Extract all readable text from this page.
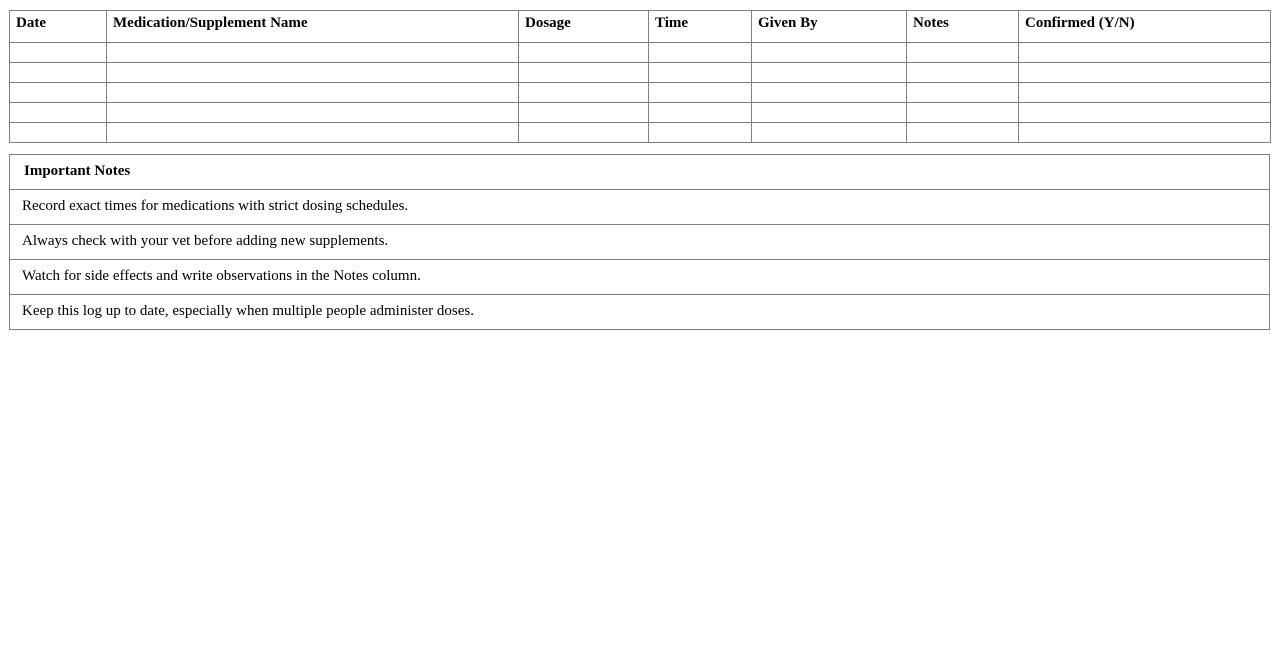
Date	Medication/Supplement Name	Dosage	Time	Given By	Notes	Confirmed (Y/N)

Important Notes
Record exact times for medications with strict dosing schedules.
Always check with your vet before adding new supplements.
Watch for side effects and write observations in the Notes column.
Keep this log up to date, especially when multiple people administer doses.
